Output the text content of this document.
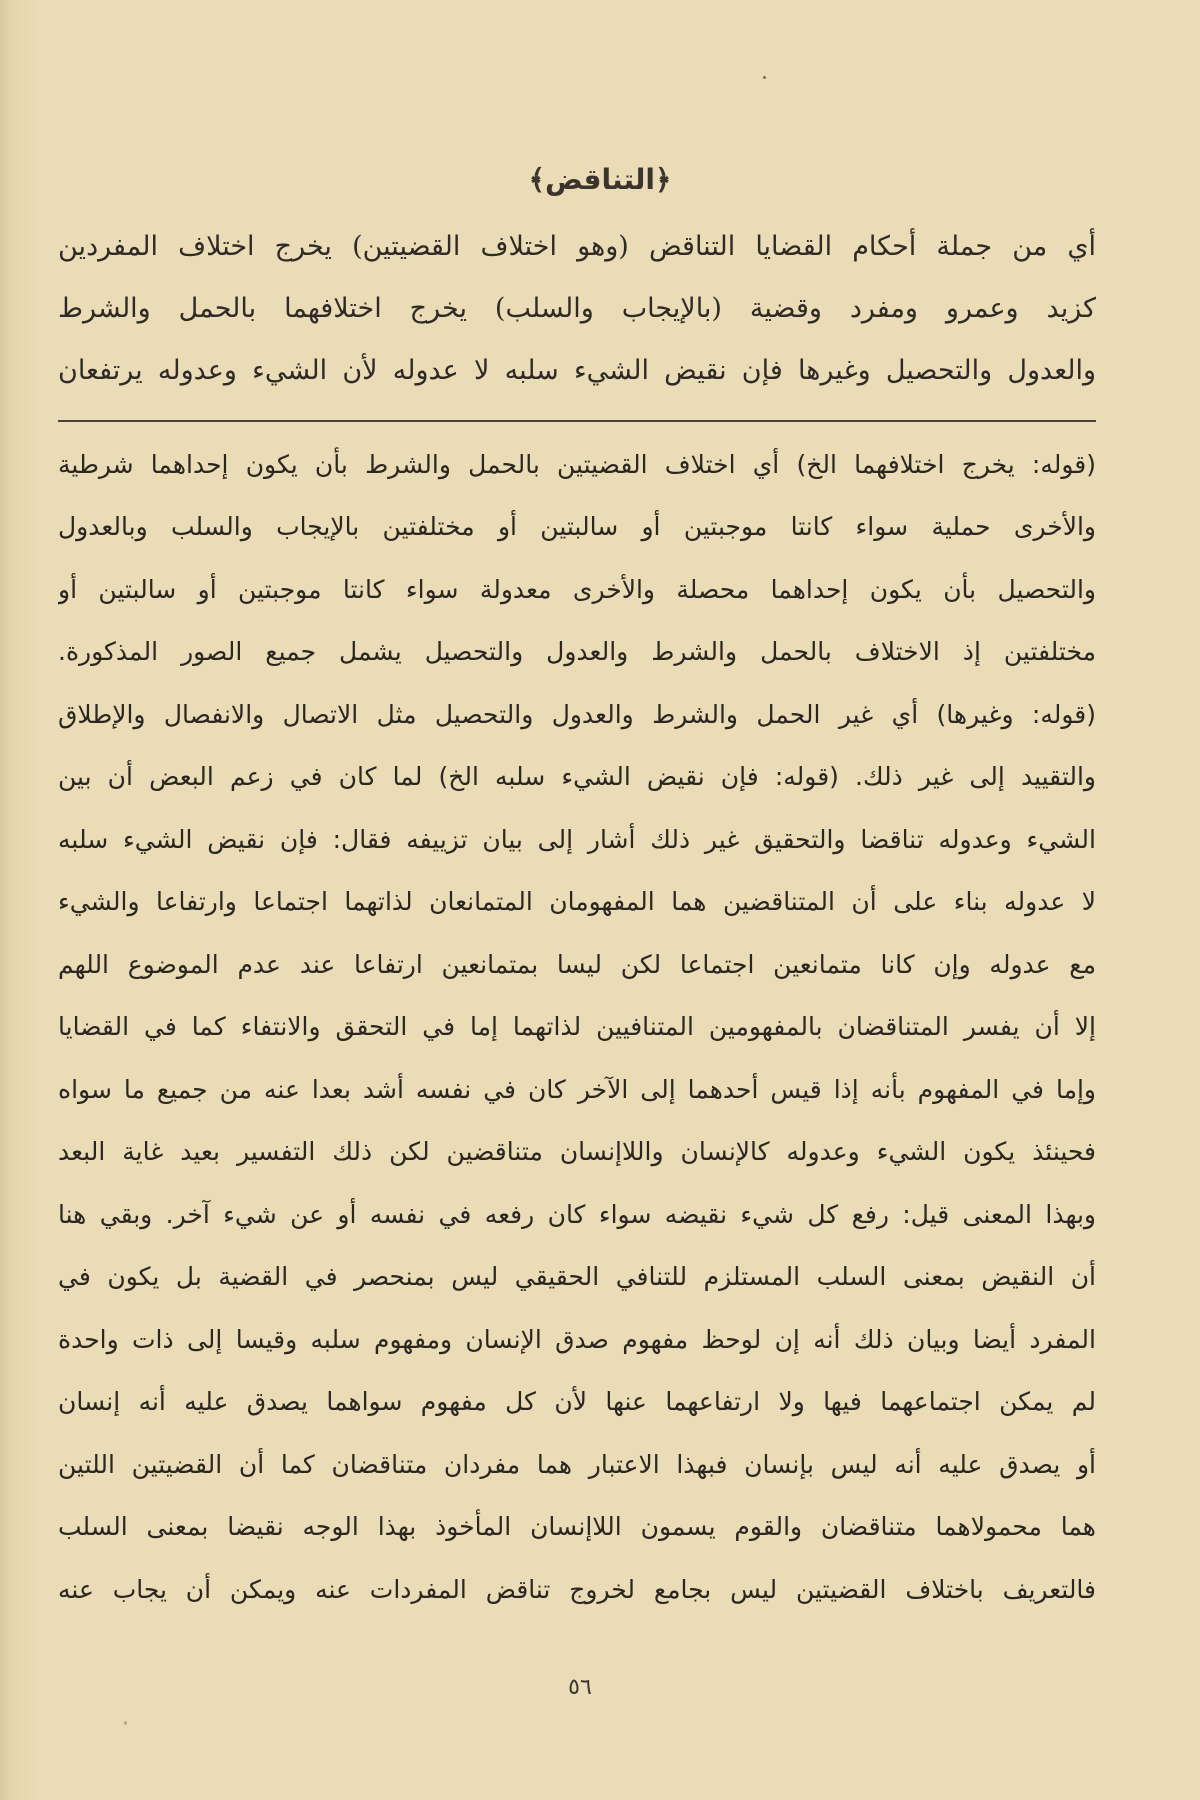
﴿التناقض﴾
أي من جملة أحكام القضايا التناقض (وهو اختلاف القضيتين) يخرج اختلاف المفردين
كزيد وعمرو ومفرد وقضية (بالإيجاب والسلب) يخرج اختلافهما بالحمل والشرط
والعدول والتحصيل وغيرها فإن نقيض الشيء سلبه لا عدوله لأن الشيء وعدوله يرتفعان
(قوله: يخرج اختلافهما الخ) أي اختلاف القضيتين بالحمل والشرط بأن يكون إحداهما شرطية
والأخرى حملية سواء كانتا موجبتين أو سالبتين أو مختلفتين بالإيجاب والسلب وبالعدول
والتحصيل بأن يكون إحداهما محصلة والأخرى معدولة سواء كانتا موجبتين أو سالبتين أو
مختلفتين إذ الاختلاف بالحمل والشرط والعدول والتحصيل يشمل جميع الصور المذكورة.
(قوله: وغيرها) أي غير الحمل والشرط والعدول والتحصيل مثل الاتصال والانفصال والإطلاق
والتقييد إلى غير ذلك. (قوله: فإن نقيض الشيء سلبه الخ) لما كان في زعم البعض أن بين
الشيء وعدوله تناقضا والتحقيق غير ذلك أشار إلى بيان تزييفه فقال: فإن نقيض الشيء سلبه
لا عدوله بناء على أن المتناقضين هما المفهومان المتمانعان لذاتهما اجتماعا وارتفاعا والشيء
مع عدوله وإن كانا متمانعين اجتماعا لكن ليسا بمتمانعين ارتفاعا عند عدم الموضوع اللهم
إلا أن يفسر المتناقضان بالمفهومين المتنافيين لذاتهما إما في التحقق والانتفاء كما في القضايا
وإما في المفهوم بأنه إذا قيس أحدهما إلى الآخر كان في نفسه أشد بعدا عنه من جميع ما سواه
فحينئذ يكون الشيء وعدوله كالإنسان واللاإنسان متناقضين لكن ذلك التفسير بعيد غاية البعد
وبهذا المعنى قيل: رفع كل شيء نقيضه سواء كان رفعه في نفسه أو عن شيء آخر. وبقي هنا
أن النقيض بمعنى السلب المستلزم للتنافي الحقيقي ليس بمنحصر في القضية بل يكون في
المفرد أيضا وبيان ذلك أنه إن لوحظ مفهوم صدق الإنسان ومفهوم سلبه وقيسا إلى ذات واحدة
لم يمكن اجتماعهما فيها ولا ارتفاعهما عنها لأن كل مفهوم سواهما يصدق عليه أنه إنسان
أو يصدق عليه أنه ليس بإنسان فبهذا الاعتبار هما مفردان متناقضان كما أن القضيتين اللتين
هما محمولاهما متناقضان والقوم يسمون اللاإنسان المأخوذ بهذا الوجه نقيضا بمعنى السلب
فالتعريف باختلاف القضيتين ليس بجامع لخروج تناقض المفردات عنه ويمكن أن يجاب عنه
٥٦
